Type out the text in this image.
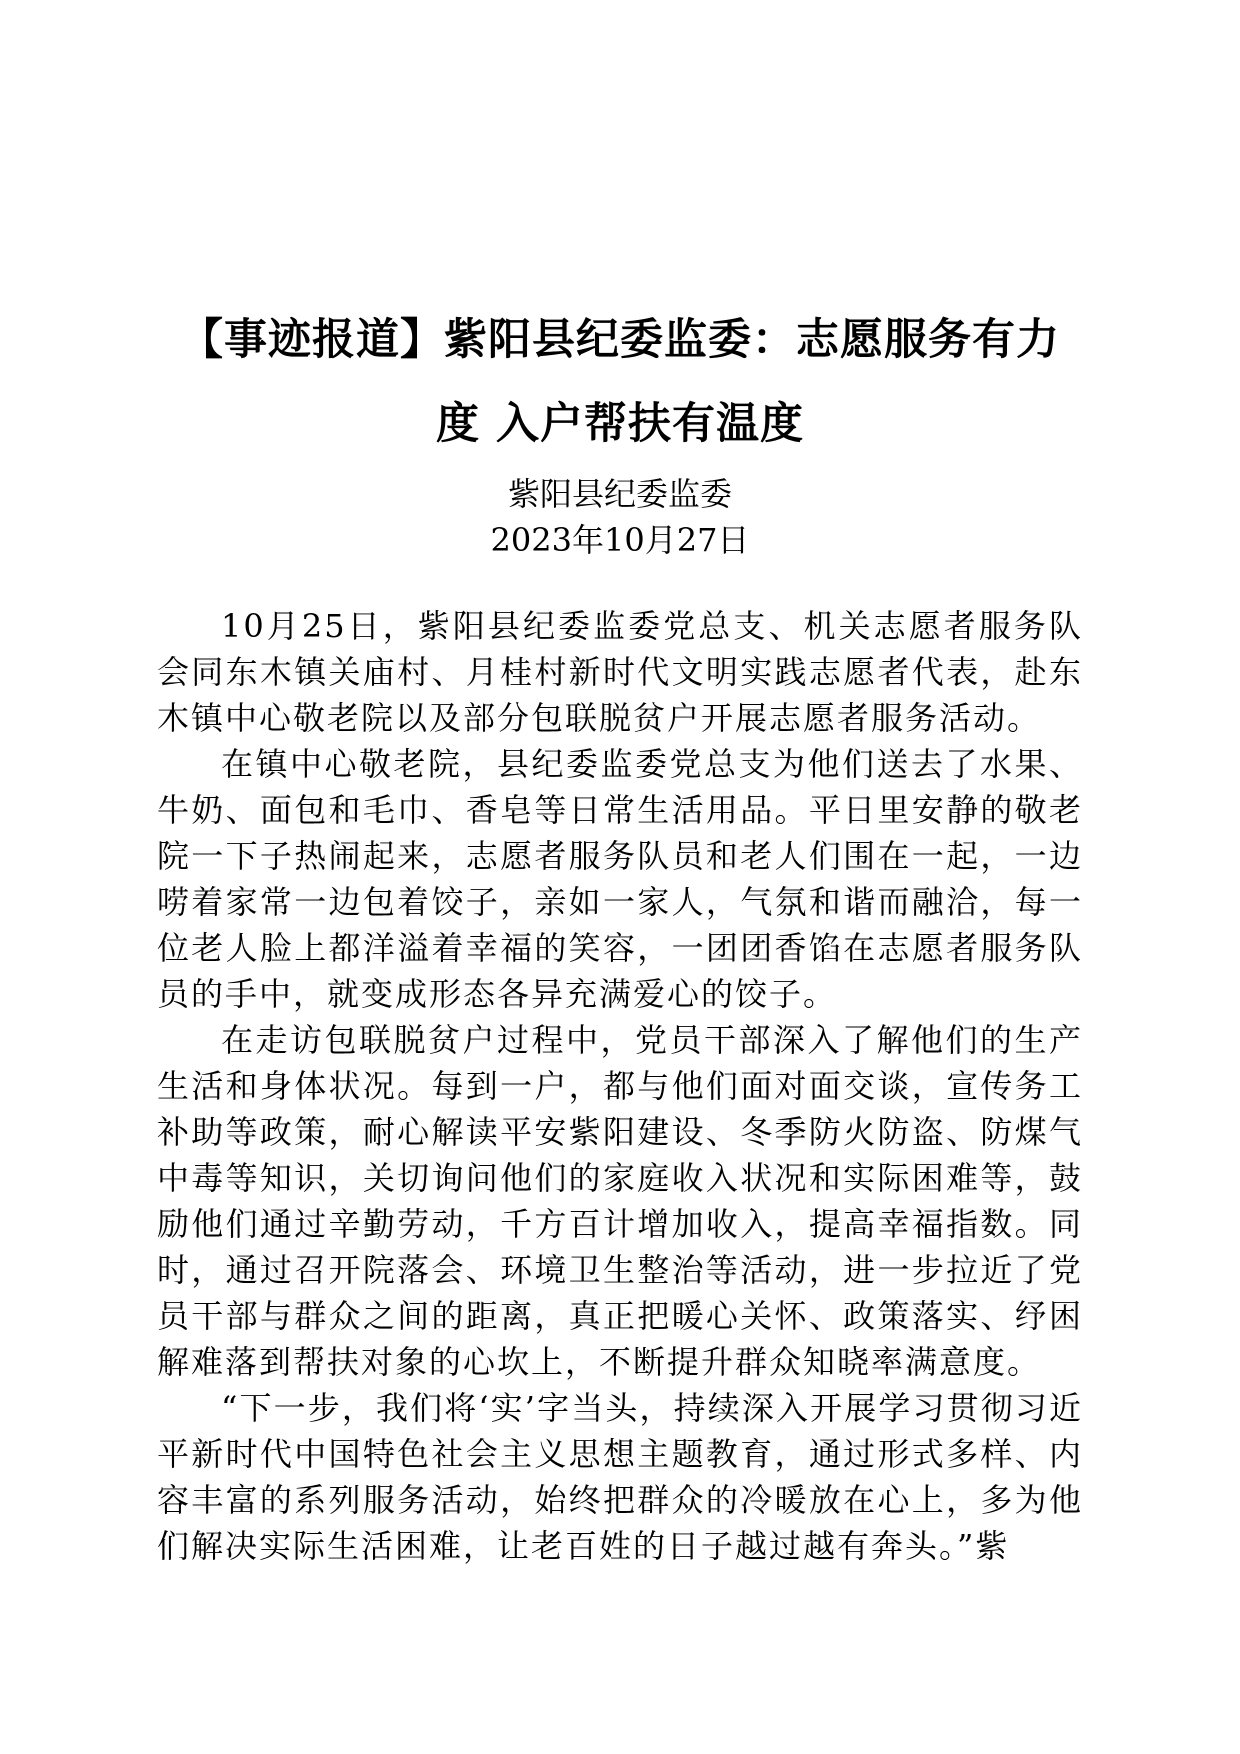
【事迹报道】紫阳县纪委监委：志愿服务有力
度 入户帮扶有温度

紫阳县纪委监委

2023年10月27日

10月25日，紫阳县纪委监委党总支、机关志愿者服务队会同东木镇关庙村、月桂村新时代文明实践志愿者代表，赴东木镇中心敬老院以及部分包联脱贫户开展志愿者服务活动。

在镇中心敬老院，县纪委监委党总支为他们送去了水果、牛奶、面包和毛巾、香皂等日常生活用品。平日里安静的敬老院一下子热闹起来，志愿者服务队员和老人们围在一起，一边唠着家常一边包着饺子，亲如一家人，气氛和谐而融洽，每一位老人脸上都洋溢着幸福的笑容，一团团香馅在志愿者服务队员的手中，就变成形态各异充满爱心的饺子。

在走访包联脱贫户过程中，党员干部深入了解他们的生产生活和身体状况。每到一户，都与他们面对面交谈，宣传务工补助等政策，耐心解读平安紫阳建设、冬季防火防盗、防煤气中毒等知识，关切询问他们的家庭收入状况和实际困难等，鼓励他们通过辛勤劳动，千方百计增加收入，提高幸福指数。同时，通过召开院落会、环境卫生整治等活动，进一步拉近了党员干部与群众之间的距离，真正把暖心关怀、政策落实、纾困解难落到帮扶对象的心坎上，不断提升群众知晓率满意度。

“下一步，我们将‘实’字当头，持续深入开展学习贯彻习近平新时代中国特色社会主义思想主题教育，通过形式多样、内容丰富的系列服务活动，始终把群众的冷暖放在心上，多为他们解决实际生活困难，让老百姓的日子越过越有奔头。”紫
